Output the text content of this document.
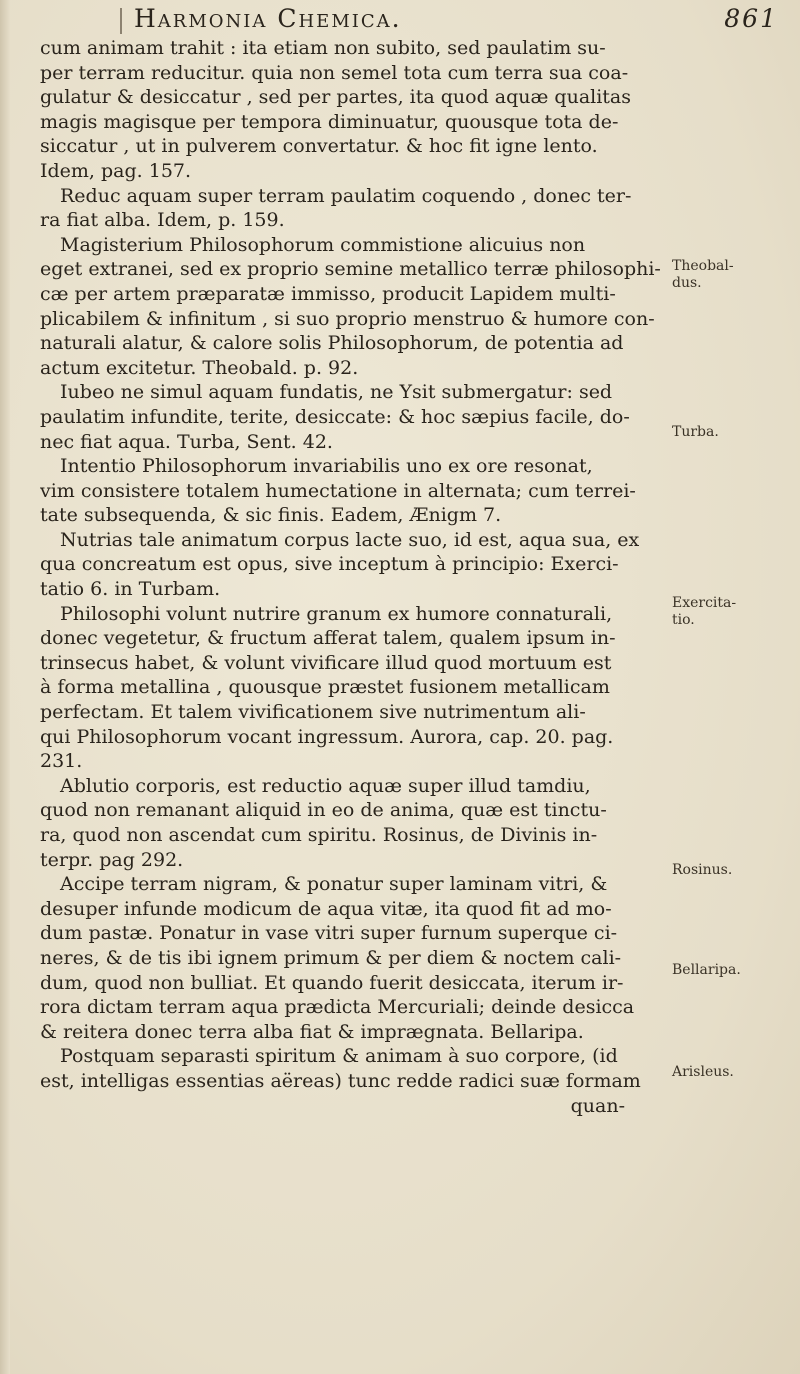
Harmonia Chemica.	861
cum animam trahit : ita etiam non subito, sed paulatim su-
per terram reducitur. quia non semel tota cum terra sua coa-
gulatur & desiccatur , sed per partes, ita quod aquæ qualitas
magis magisque per tempora diminuatur, quousque tota de-
siccatur , ut in pulverem convertatur. & hoc fit igne lento.
Idem, pag. 157.
Reduc aquam super terram paulatim coquendo , donec ter-
ra fiat alba. Idem, p. 159.
Magisterium Philosophorum commistione alicuius non
eget extranei, sed ex proprio semine metallico terræ philosophi-
cæ per artem præparatæ immisso, producit Lapidem multi-
plicabilem & infinitum , si suo proprio menstruo & humore con-
naturali alatur, & calore solis Philosophorum, de potentia ad
actum excitetur. Theobald. p. 92.
Iubeo ne simul aquam fundatis, ne Ysit submergatur: sed
paulatim infundite, terite, desiccate: & hoc sæpius facile, do-
nec fiat aqua. Turba, Sent. 42.
Intentio Philosophorum invariabilis uno ex ore resonat,
vim consistere totalem humectatione in alternata; cum terrei-
tate subsequenda, & sic finis. Eadem, Ænigm 7.
Nutrias tale animatum corpus lacte suo, id est, aqua sua, ex
qua concreatum est opus, sive inceptum à principio: Exerci-
tatio 6. in Turbam.
Philosophi volunt nutrire granum ex humore connaturali,
donec vegetetur, & fructum afferat talem, qualem ipsum in-
trinsecus habet, & volunt vivificare illud quod mortuum est
à forma metallina , quousque præstet fusionem metallicam
perfectam. Et talem vivificationem sive nutrimentum ali-
qui Philosophorum vocant ingressum. Aurora, cap. 20. pag.
231.
Ablutio corporis, est reductio aquæ super illud tamdiu,
quod non remanant aliquid in eo de anima, quæ est tinctu-
ra, quod non ascendat cum spiritu. Rosinus, de Divinis in-
terpr. pag 292.
Accipe terram nigram, & ponatur super laminam vitri, &
desuper infunde modicum de aqua vitæ, ita quod fit ad mo-
dum pastæ. Ponatur in vase vitri super furnum superque ci-
neres, & de tis ibi ignem primum & per diem & noctem cali-
dum, quod non bulliat. Et quando fuerit desiccata, iterum ir-
rora dictam terram aqua prædicta Mercuriali; deinde desicca
& reitera donec terra alba fiat & imprægnata. Bellaripa.
Postquam separasti spiritum & animam à suo corpore, (id
est, intelligas essentias aëreas) tunc redde radici suæ formam
quan-
Theobal-
dus.
Turba.
Exercita-
tio.
Rosinus.
Bellaripa.
Arisleus.
